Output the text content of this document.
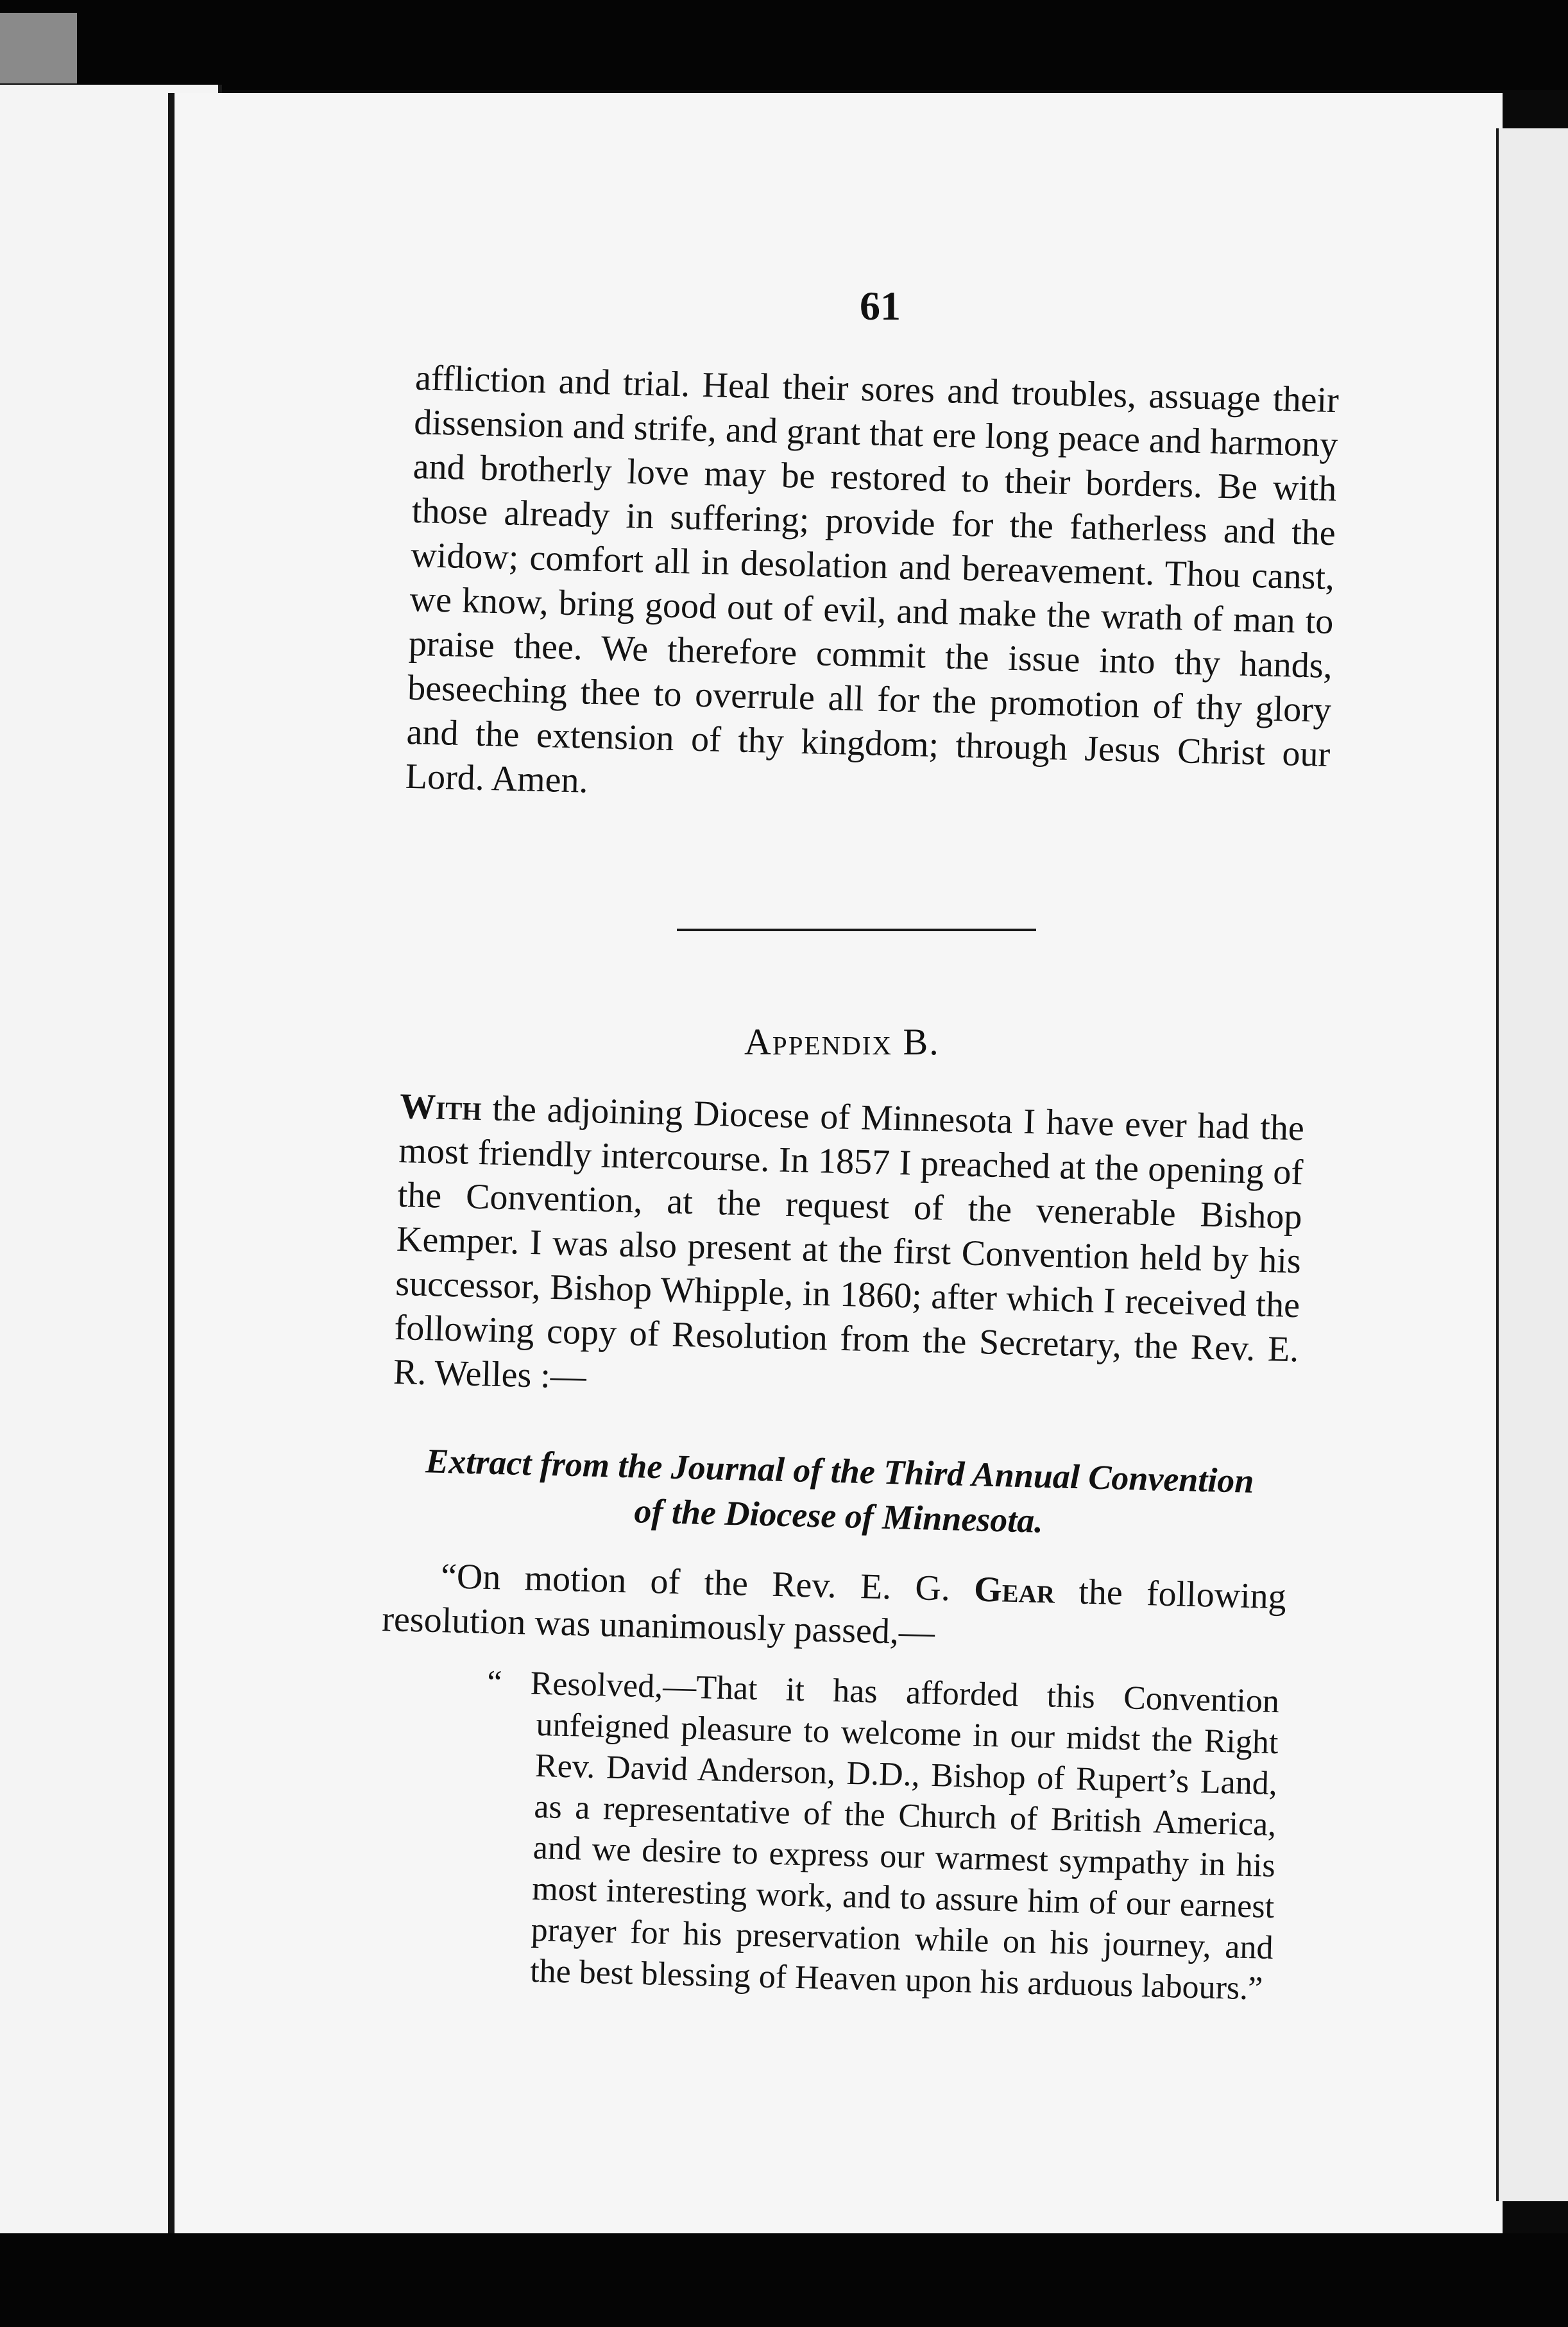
61
affliction and trial. Heal their sores and troubles, assuage their dissension and strife, and grant that ere long peace and harmony and brotherly love may be restored to their borders. Be with those already in suffering; provide for the fatherless and the widow; comfort all in desolation and bereavement. Thou canst, we know, bring good out of evil, and make the wrath of man to praise thee. We therefore commit the issue into thy hands, beseeching thee to overrule all for the promotion of thy glory and the extension of thy kingdom; through Jesus Christ our Lord. Amen.
Appendix B.
With the adjoining Diocese of Minnesota I have ever had the most friendly intercourse. In 1857 I preached at the opening of the Convention, at the request of the venerable Bishop Kemper. I was also present at the first Convention held by his successor, Bishop Whipple, in 1860; after which I received the following copy of Resolution from the Secretary, the Rev. E. R. Welles :—
Extract from the Journal of the Third Annual Convention
of the Diocese of Minnesota.
“On motion of the Rev. E. G. Gear the following resolution was unanimously passed,—
“ Resolved,—That it has afforded this Convention unfeigned pleasure to welcome in our midst the Right Rev. David Anderson, D.D., Bishop of Rupert’s Land, as a representative of the Church of British America, and we desire to express our warmest sympathy in his most interesting work, and to assure him of our earnest prayer for his preservation while on his journey, and the best blessing of Heaven upon his arduous labours.”
